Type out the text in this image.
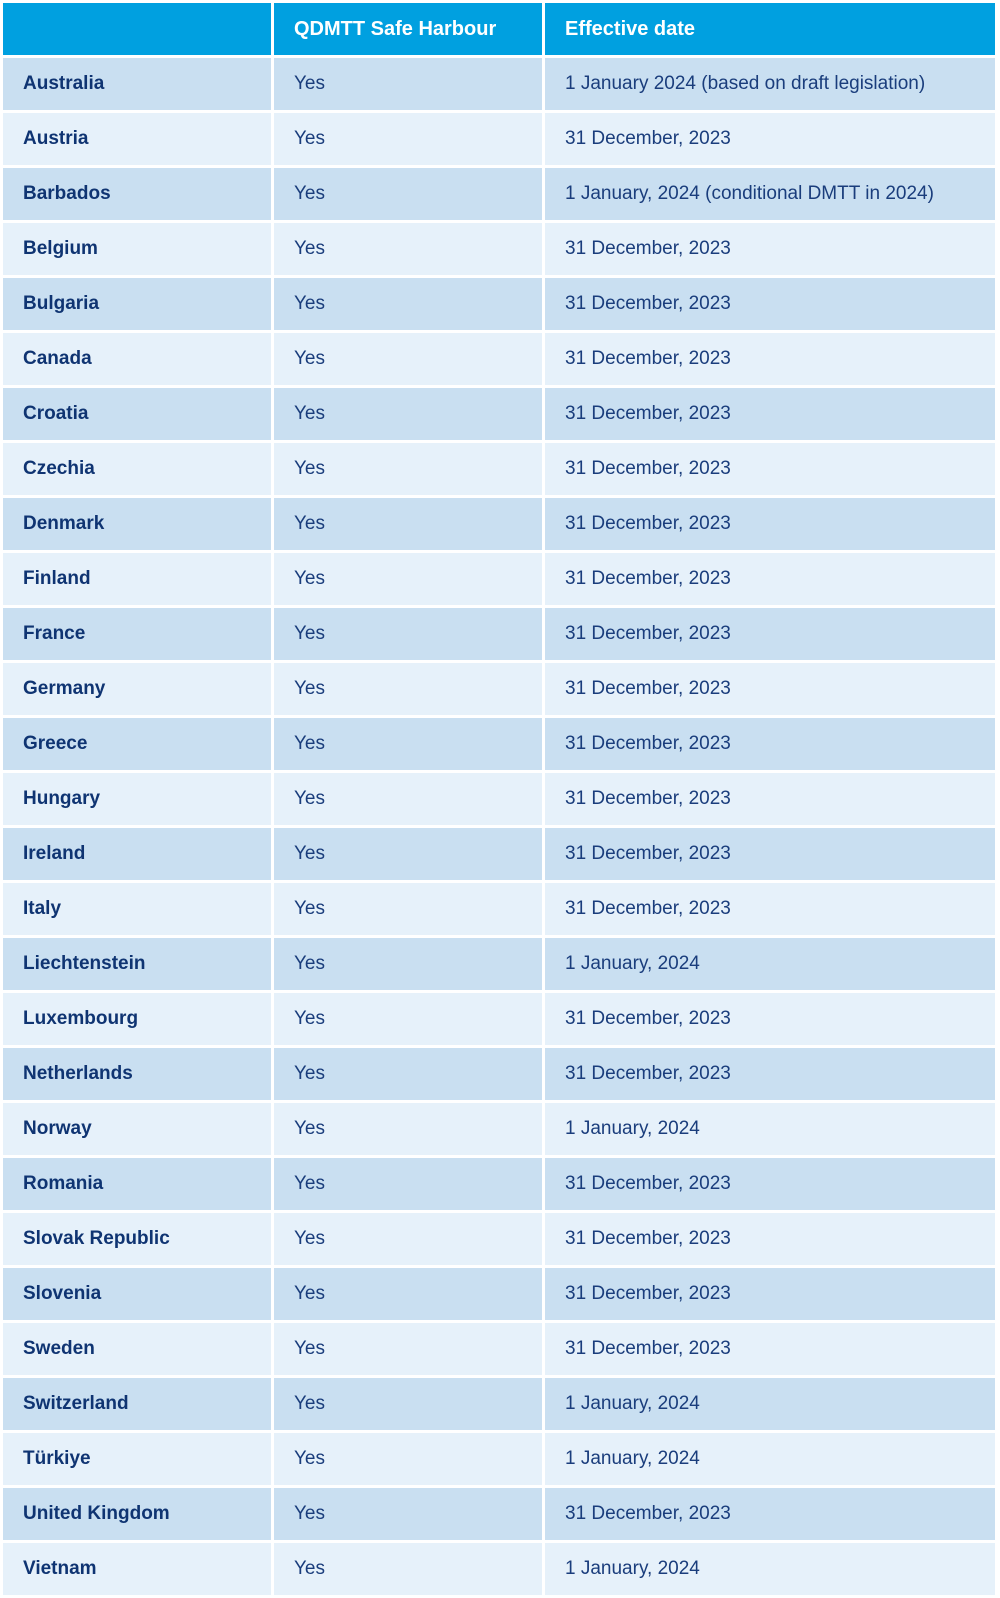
	QDMTT Safe Harbour	Effective date
Australia	Yes	1 January 2024 (based on draft legislation)
Austria	Yes	31 December, 2023
Barbados	Yes	1 January, 2024 (conditional DMTT in 2024)
Belgium	Yes	31 December, 2023
Bulgaria	Yes	31 December, 2023
Canada	Yes	31 December, 2023
Croatia	Yes	31 December, 2023
Czechia	Yes	31 December, 2023
Denmark	Yes	31 December, 2023
Finland	Yes	31 December, 2023
France	Yes	31 December, 2023
Germany	Yes	31 December, 2023
Greece	Yes	31 December, 2023
Hungary	Yes	31 December, 2023
Ireland	Yes	31 December, 2023
Italy	Yes	31 December, 2023
Liechtenstein	Yes	1 January, 2024
Luxembourg	Yes	31 December, 2023
Netherlands	Yes	31 December, 2023
Norway	Yes	1 January, 2024
Romania	Yes	31 December, 2023
Slovak Republic	Yes	31 December, 2023
Slovenia	Yes	31 December, 2023
Sweden	Yes	31 December, 2023
Switzerland	Yes	1 January, 2024
Türkiye	Yes	1 January, 2024
United Kingdom	Yes	31 December, 2023
Vietnam	Yes	1 January, 2024
